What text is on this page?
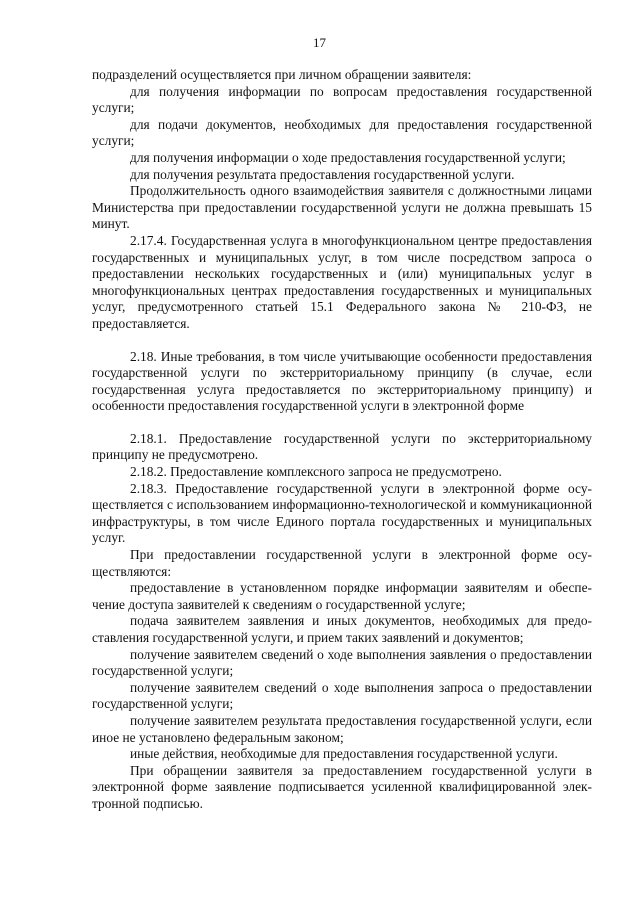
17

подразделений осуществляется при личном обращении заявителя:

для получения информации по вопросам предоставления государственной услуги;

для подачи документов, необходимых для предоставления государственной услуги;

для получения информации о ходе предоставления государственной услуги;

для получения результата предоставления государственной услуги.

Продолжительность одного взаимодействия заявителя с должностными лицами Министерства при предоставлении государственной услуги не должна превышать 15 минут.

2.17.4. Государственная услуга в многофункциональном центре предоставления государственных и муниципальных услуг, в том числе посредством запроса о предоставлении нескольких государственных и (или) муниципальных услуг в многофункциональных центрах предоставления государственных и муниципальных услуг, предусмотренного статьей 15.1 Федерального закона № 210-ФЗ, не предоставляется.

2.18. Иные требования, в том числе учитывающие особенности предоставления государственной услуги по экстерриториальному принципу (в случае, если государственная услуга предоставляется по экстерриториальному принципу) и особенности предоставления государственной услуги в электронной форме

2.18.1. Предоставление государственной услуги по экстерриториальному принципу не предусмотрено.

2.18.2. Предоставление комплексного запроса не предусмотрено.

2.18.3. Предоставление государственной услуги в электронной форме осуществляется с использованием информационно-технологической и коммуникационной инфраструктуры, в том числе Единого портала государственных и муниципальных услуг.

При предоставлении государственной услуги в электронной форме осуществляются:

предоставление в установленном порядке информации заявителям и обеспечение доступа заявителей к сведениям о государственной услуге;

подача заявителем заявления и иных документов, необходимых для предоставления государственной услуги, и прием таких заявлений и документов;

получение заявителем сведений о ходе выполнения заявления о предоставлении государственной услуги;

получение заявителем сведений о ходе выполнения запроса о предоставлении государственной услуги;

получение заявителем результата предоставления государственной услуги, если иное не установлено федеральным законом;

иные действия, необходимые для предоставления государственной услуги.

При обращении заявителя за предоставлением государственной услуги в электронной форме заявление подписывается усиленной квалифицированной электронной подписью.
